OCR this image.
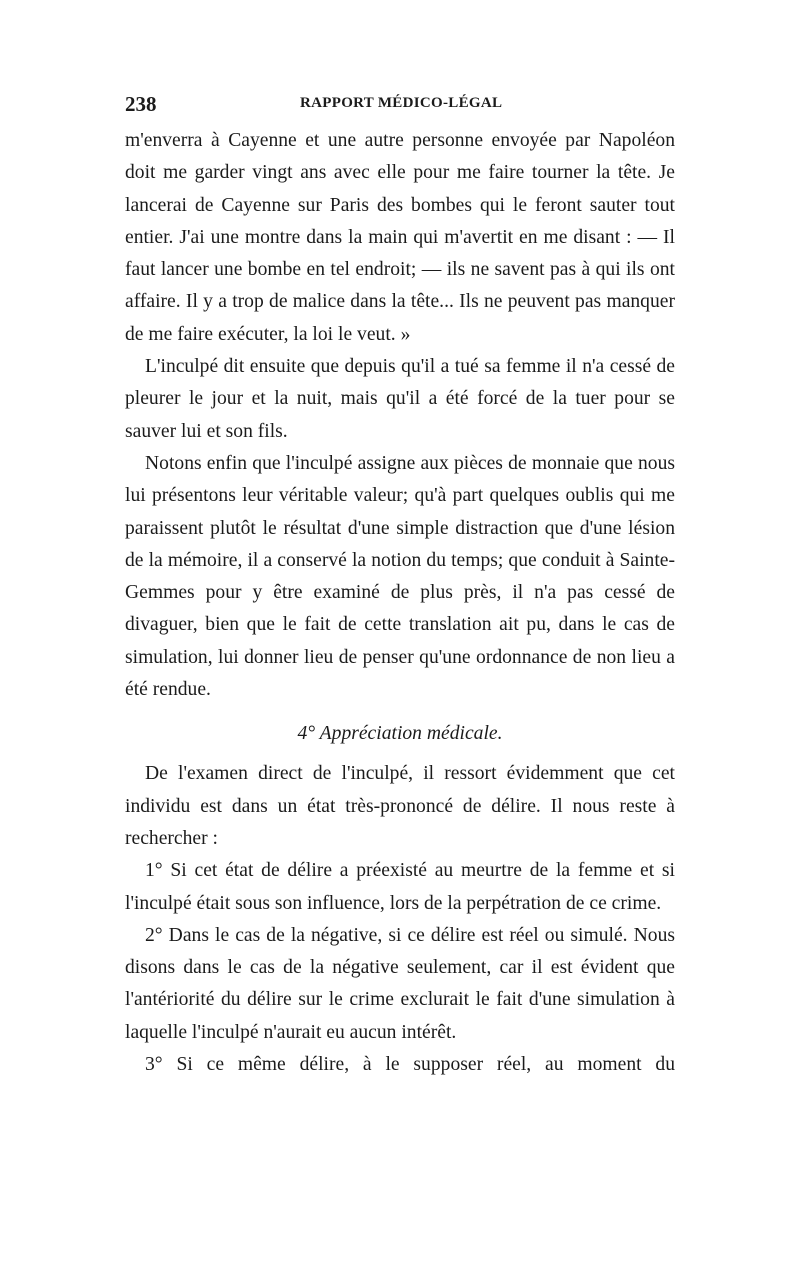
238	RAPPORT MÉDICO-LÉGAL

m'enverra à Cayenne et une autre personne envoyée par Napoléon doit me garder vingt ans avec elle pour me faire tourner la tête. Je lancerai de Cayenne sur Paris des bombes qui le feront sauter tout entier. J'ai une montre dans la main qui m'avertit en me disant : — Il faut lancer une bombe en tel endroit; — ils ne savent pas à qui ils ont affaire. Il y a trop de malice dans la tête... Ils ne peuvent pas manquer de me faire exécuter, la loi le veut. »

L'inculpé dit ensuite que depuis qu'il a tué sa femme il n'a cessé de pleurer le jour et la nuit, mais qu'il a été forcé de la tuer pour se sauver lui et son fils.

Notons enfin que l'inculpé assigne aux pièces de monnaie que nous lui présentons leur véritable valeur; qu'à part quelques oublis qui me paraissent plutôt le résultat d'une simple distraction que d'une lésion de la mémoire, il a conservé la notion du temps; que conduit à Sainte-Gemmes pour y être examiné de plus près, il n'a pas cessé de divaguer, bien que le fait de cette translation ait pu, dans le cas de simulation, lui donner lieu de penser qu'une ordonnance de non lieu a été rendue.

4° Appréciation médicale.

De l'examen direct de l'inculpé, il ressort évidemment que cet individu est dans un état très-prononcé de délire. Il nous reste à rechercher :

1° Si cet état de délire a préexisté au meurtre de la femme et si l'inculpé était sous son influence, lors de la perpétration de ce crime.

2° Dans le cas de la négative, si ce délire est réel ou simulé. Nous disons dans le cas de la négative seulement, car il est évident que l'antériorité du délire sur le crime exclurait le fait d'une simulation à laquelle l'inculpé n'aurait eu aucun intérêt.

3° Si ce même délire, à le supposer réel, au moment du
